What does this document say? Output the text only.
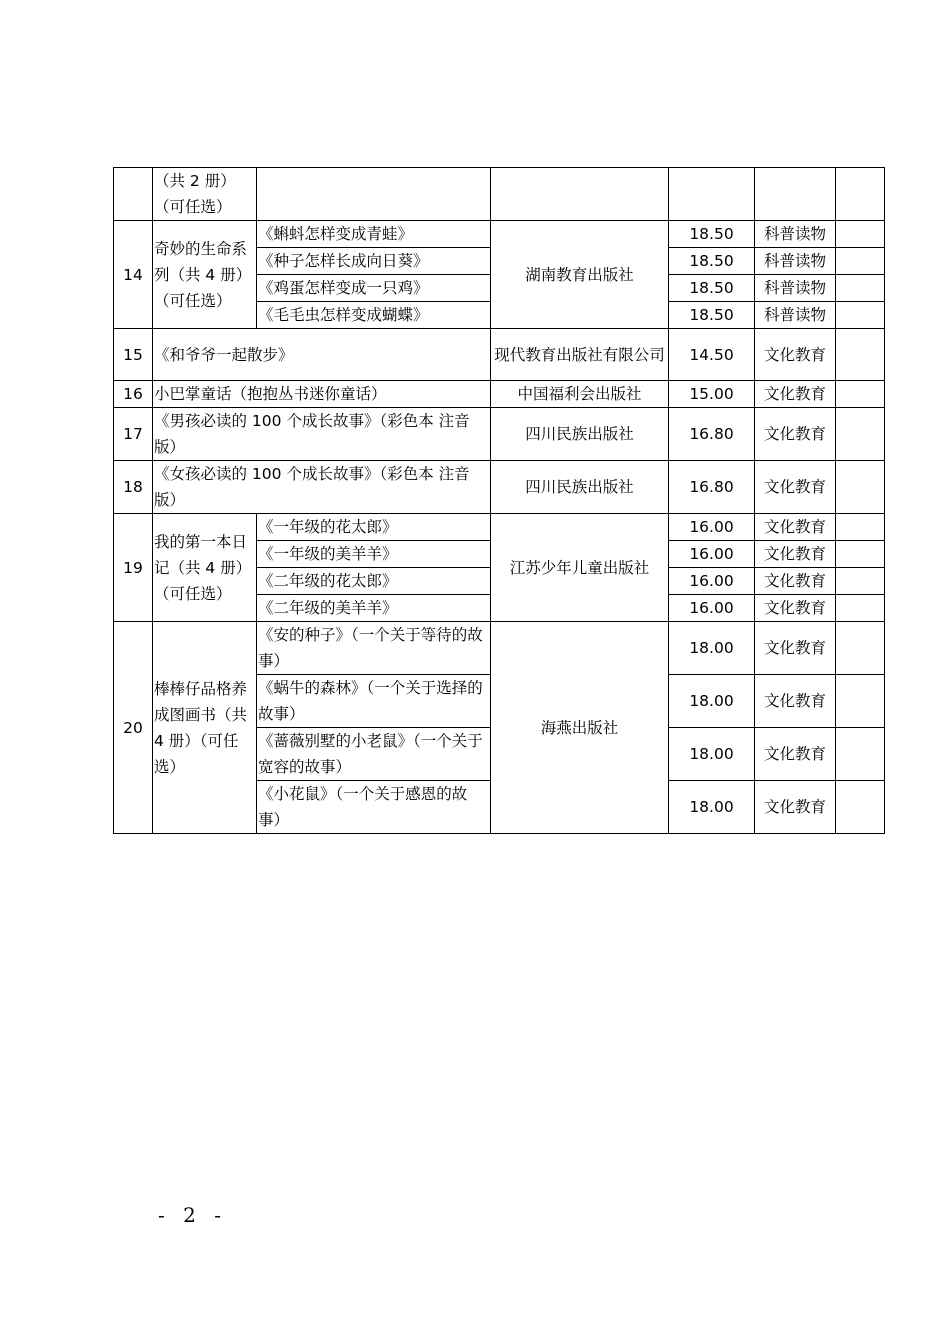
	（共 2 册）（可任选）					
14	奇妙的生命系列（共 4 册）（可任选）	《蝌蚪怎样变成青蛙》	湖南教育出版社	18.50	科普读物	
		《种子怎样长成向日葵》		18.50	科普读物	
		《鸡蛋怎样变成一只鸡》		18.50	科普读物	
		《毛毛虫怎样变成蝴蝶》		18.50	科普读物	
15	《和爷爷一起散步》		现代教育出版社有限公司	14.50	文化教育	
16	小巴掌童话（抱抱丛书迷你童话）		中国福利会出版社	15.00	文化教育	
17	《男孩必读的 100 个成长故事》（彩色本 注音版）		四川民族出版社	16.80	文化教育	
18	《女孩必读的 100 个成长故事》（彩色本 注音版）		四川民族出版社	16.80	文化教育	
19	我的第一本日记（共 4 册）（可任选）	《一年级的花太郎》	江苏少年儿童出版社	16.00	文化教育	
		《一年级的美羊羊》		16.00	文化教育	
		《二年级的花太郎》		16.00	文化教育	
		《二年级的美羊羊》		16.00	文化教育	
20	棒棒仔品格养成图画书（共 4 册）（可任选）	《安的种子》（一个关于等待的故事）	海燕出版社	18.00	文化教育	
		《蜗牛的森林》（一个关于选择的故事）		18.00	文化教育	
		《蔷薇别墅的小老鼠》（一个关于宽容的故事）		18.00	文化教育	
		《小花鼠》（一个关于感恩的故事）		18.00	文化教育	
- 2 -
